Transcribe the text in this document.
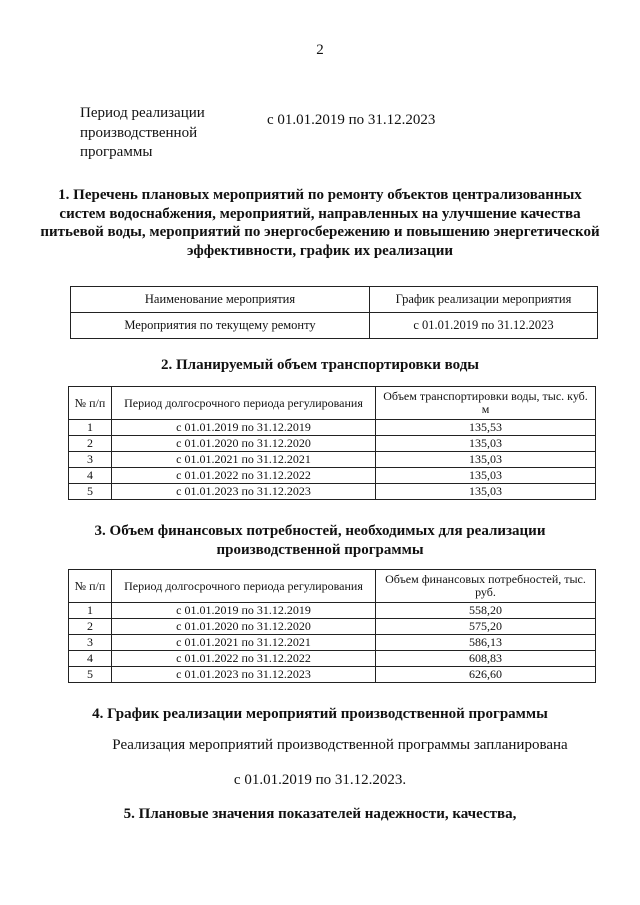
2
Период реализации производственной программы
с 01.01.2019 по 31.12.2023
1. Перечень плановых мероприятий по ремонту объектов централизованных систем водоснабжения, мероприятий, направленных на улучшение качества питьевой воды, мероприятий по энергосбережению и повышению энергетической эффективности, график их реализации
Наименование мероприятия	График реализации мероприятия
Мероприятия по текущему ремонту	с 01.01.2019 по 31.12.2023
2. Планируемый объем транспортировки воды
№ п/п	Период долгосрочного периода регулирования	Объем транспортировки воды, тыс. куб. м
1	с 01.01.2019 по 31.12.2019	135,53
2	с 01.01.2020 по 31.12.2020	135,03
3	с 01.01.2021 по 31.12.2021	135,03
4	с 01.01.2022 по 31.12.2022	135,03
5	с 01.01.2023 по 31.12.2023	135,03
3. Объем финансовых потребностей, необходимых для реализации производственной программы
№ п/п	Период долгосрочного периода регулирования	Объем финансовых потребностей, тыс. руб.
1	с 01.01.2019 по 31.12.2019	558,20
2	с 01.01.2020 по 31.12.2020	575,20
3	с 01.01.2021 по 31.12.2021	586,13
4	с 01.01.2022 по 31.12.2022	608,83
5	с 01.01.2023 по 31.12.2023	626,60
4. График реализации мероприятий производственной программы
Реализация мероприятий производственной программы запланирована
с 01.01.2019 по 31.12.2023.
5. Плановые значения показателей надежности, качества,
